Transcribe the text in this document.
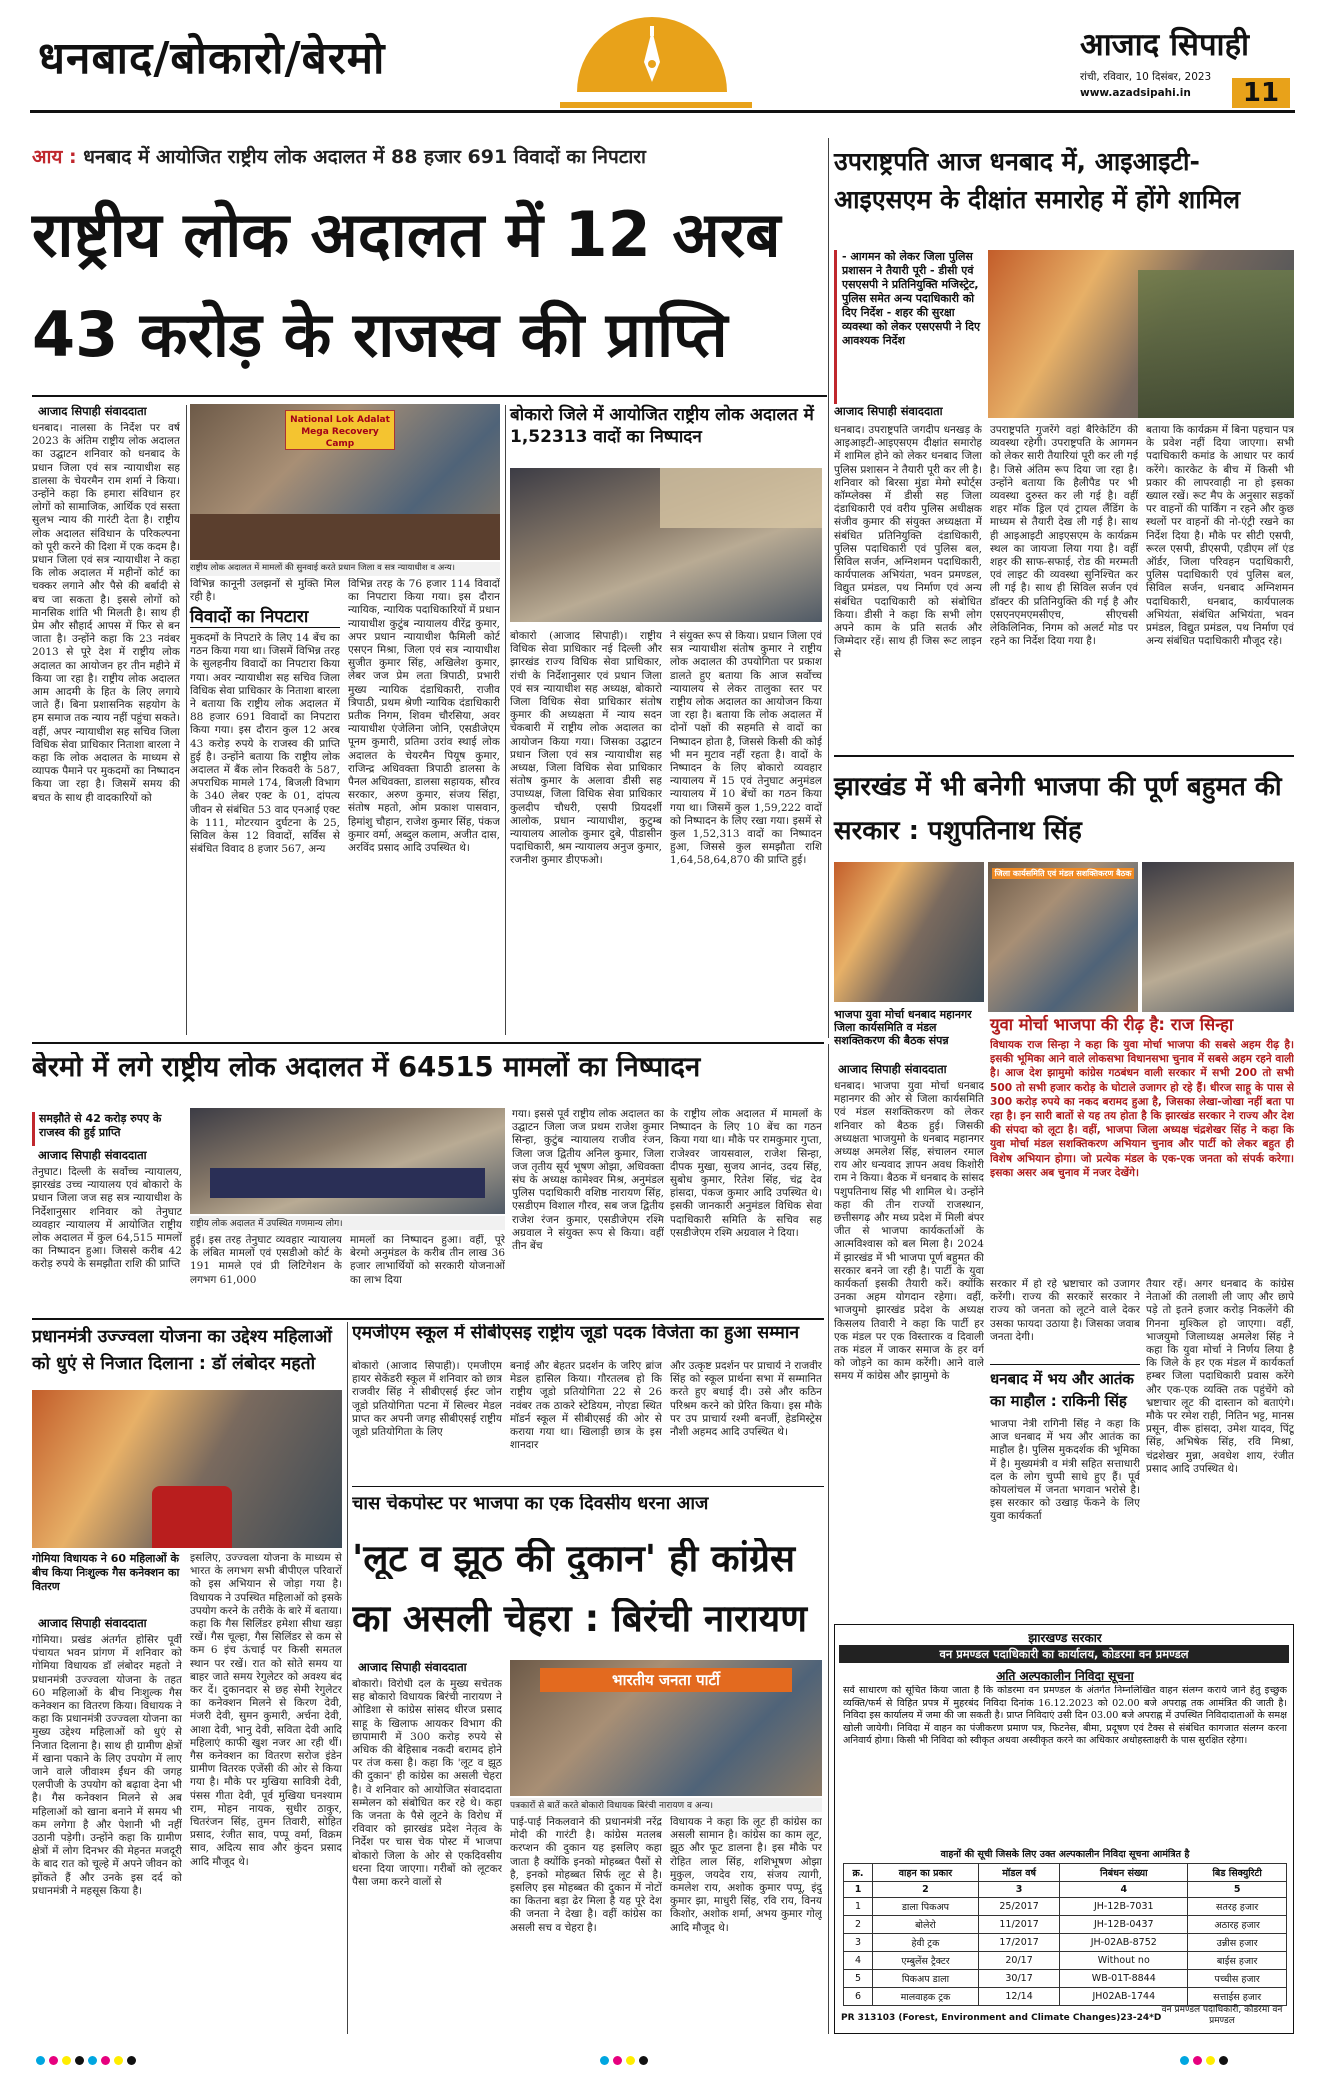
धनबाद/बोकारो/बेरमो	आजाद सिपाही
रांची, रविवार, 10 दिसंबर, 2023
www.azadsipahi.in	11
आय : धनबाद में आयोजित राष्ट्रीय लोक अदालत में 88 हजार 691 विवादों का निपटारा
राष्ट्रीय लोक अदालत में 12 अरब
43 करोड़ के राजस्व की प्राप्ति
आजाद सिपाही संवाददाता
धनबाद। नालसा के निर्देश पर वर्ष 2023 के अंतिम राष्ट्रीय लोक अदालत का उद्घाटन शनिवार को धनबाद के प्रधान जिला एवं सत्र न्यायाधीश सह डालसा के चेयरमैन राम शर्मा ने किया। उन्होंने कहा कि हमारा संविधान हर लोगों को सामाजिक, आर्थिक एवं सस्ता सुलभ न्याय की गारंटी देता है। राष्ट्रीय लोक अदालत संविधान के परिकल्पना को पूरी करने की दिशा में एक कदम है। प्रधान जिला एवं सत्र न्यायाधीश ने कहा कि लोक अदालत में महीनों कोर्ट का चक्कर लगाने और पैसे की बर्बादी से बच जा सकता है। इससे लोगों को मानसिक शांति भी मिलती है। साथ ही प्रेम और सौहार्द आपस में फिर से बन जाता है। उन्होंने कहा कि 23 नवंबर 2013 से पूरे देश में राष्ट्रीय लोक अदालत का आयोजन हर तीन महीने में किया जा रहा है। राष्ट्रीय लोक अदालत आम आदमी के हित के लिए लगाये जाते हैं। बिना प्रशासनिक सहयोग के हम समाज तक न्याय नहीं पहुंचा सकते। वहीं, अपर न्यायाधीश सह सचिव जिला विधिक सेवा प्राधिकार निताशा बारला ने कहा कि लोक अदालत के माध्यम से व्यापक पैमाने पर मुकदमों का निष्पादन किया जा रहा है। जिसमें समय की बचत के साथ ही वादकारियों को
National Lok Adalat
Mega Recovery Camp
राष्ट्रीय लोक अदालत में मामलों की सुनवाई करते प्रधान जिला व सत्र न्यायाधीश व अन्य।
विभिन्न कानूनी उलझनों से मुक्ति मिल रही है।
विवादों का निपटारा
मुकदमों के निपटारे के लिए 14 बेंच का गठन किया गया था। जिसमें विभिन्न तरह के सुलहनीय विवादों का निपटारा किया गया। अवर न्यायाधीश सह सचिव जिला विधिक सेवा प्राधिकार के निताशा बारला ने बताया कि राष्ट्रीय लोक अदालत में 88 हजार 691 विवादों का निपटारा किया गया। इस दौरान कुल 12 अरब 43 करोड़ रुपये के राजस्व की प्राप्ति हुई है। उन्होंने बताया कि राष्ट्रीय लोक अदालत में बैंक लोन रिकवरी के 587, अपराधिक मामले 174, बिजली विभाग के 340 लेबर एक्ट के 01, दांपत्य जीवन से संबंधित 53 वाद एनआई एक्ट के 111, मोटरयान दुर्घटना के 25, सिविल केस 12 विवादों, सर्विस से संबंधित विवाद 8 हजार 567, अन्य
विभिन्न तरह के 76 हजार 114 विवादों का निपटारा किया गया। इस दौरान न्यायिक, न्यायिक पदाधिकारियों में प्रधान न्यायाधीश कुटुंब न्यायालय वीरेंद्र कुमार, अपर प्रधान न्यायाधीश फैमिली कोर्ट एसएन मिश्रा, जिला एवं सत्र न्यायाधीश सुजीत कुमार सिंह, अखिलेश कुमार, लेबर जज प्रेम लता त्रिपाठी, प्रभारी मुख्य न्यायिक दंडाधिकारी, राजीव त्रिपाठी, प्रथम श्रेणी न्यायिक दंडाधिकारी प्रतीक निगम, शिवम चौरसिया, अवर न्यायाधीश एंजेलिना जोनि, एसडीजेएम पूनम कुमारी, प्रतिमा उरांव स्थाई लोक अदालत के चेयरमैन पियूष कुमार, राजिन्द्र अधिवक्ता त्रिपाठी डालसा के पैनल अधिवक्ता, डालसा सहायक, सौरव सरकार, अरुण कुमार, संजय सिंहा, संतोष महतो, ओम प्रकाश पासवान, हिमांशु चौहान, राजेश कुमार सिंह, पंकज कुमार वर्मा, अब्दुल कलाम, अजीत दास, अरविंद प्रसाद आदि उपस्थित थे।
बोकारो जिले में आयोजित राष्ट्रीय लोक अदालत में 1,52313 वादों का निष्पादन
बोकारो (आजाद सिपाही)। राष्ट्रीय विधिक सेवा प्राधिकार नई दिल्ली और झारखंड राज्य विधिक सेवा प्राधिकार, रांची के निर्देशानुसार एवं प्रधान जिला एवं सत्र न्यायाधीश सह अध्यक्ष, बोकारो जिला विधिक सेवा प्राधिकार संतोष कुमार की अध्यक्षता में न्याय सदन चेकबारी में राष्ट्रीय लोक अदालत का आयोजन किया गया। जिसका उद्घाटन प्रधान जिला एवं सत्र न्यायाधीश सह अध्यक्ष, जिला विधिक सेवा प्राधिकार संतोष कुमार के अलावा डीसी सह उपाध्यक्ष, जिला विधिक सेवा प्राधिकार कुलदीप चौधरी, एसपी प्रियदर्शी आलोक, प्रधान न्यायाधीश, कुटुम्ब न्यायालय आलोक कुमार दुबे, पीडासीन पदाधिकारी, श्रम न्यायालय अनुज कुमार, रजनीश कुमार डीएफओ।
ने संयुक्त रूप से किया। प्रधान जिला एवं सत्र न्यायाधीश संतोष कुमार ने राष्ट्रीय लोक अदालत की उपयोगिता पर प्रकाश डालते हुए बताया कि आज सर्वोच्च न्यायालय से लेकर तालुका स्तर पर राष्ट्रीय लोक अदालत का आयोजन किया जा रहा है। बताया कि लोक अदालत में दोनों पक्षों की सहमति से वादों का निष्पादन होता है, जिससे किसी की कोई भी मन मुटाव नहीं रहता है। वादों के निष्पादन के लिए बोकारो व्यवहार न्यायालय में 15 एवं तेनुघाट अनुमंडल न्यायालय में 10 बेंचों का गठन किया गया था। जिसमें कुल 1,59,222 वादों को निष्पादन के लिए रखा गया। इसमें से कुल 1,52,313 वादों का निष्पादन हुआ, जिससे कुल समझौता राशि 1,64,58,64,870 की प्राप्ति हुई।
उपराष्ट्रपति आज धनबाद में, आइआइटी-आइएसएम के दीक्षांत समारोह में होंगे शामिल
- आगमन को लेकर जिला पुलिस प्रशासन ने तैयारी पूरी - डीसी एवं एसएसपी ने प्रतिनियुक्ति मजिस्ट्रेट, पुलिस समेत अन्य पदाधिकारी को दिए निर्देश - शहर की सुरक्षा व्यवस्था को लेकर एसएसपी ने दिए आवश्यक निर्देश
आजाद सिपाही संवाददाता
धनबाद। उपराष्ट्रपति जगदीप धनखड़ के आइआइटी-आइएसएम दीक्षांत समारोह में शामिल होने को लेकर धनबाद जिला पुलिस प्रशासन ने तैयारी पूरी कर ली है। शनिवार को बिरसा मुंडा मेमो स्पोर्ट्स कॉम्प्लेक्स में डीसी सह जिला दंडाधिकारी एवं वरीय पुलिस अधीक्षक संजीव कुमार की संयुक्त अध्यक्षता में संबंधित प्रतिनियुक्ति दंडाधिकारी, पुलिस पदाधिकारी एवं पुलिस बल, सिविल सर्जन, अग्निशमन पदाधिकारी, कार्यपालक अभियंता, भवन प्रमण्डल, विद्युत प्रमंडल, पथ निर्माण एवं अन्य संबंधित पदाधिकारी को संबोधित किया। डीसी ने कहा कि सभी लोग अपने काम के प्रति सतर्क और जिम्मेदार रहें। साथ ही जिस रूट लाइन से
उपराष्ट्रपति गुजरेंगे वहां बैरिकेटिंग की व्यवस्था रहेगी। उपराष्ट्रपति के आगमन को लेकर सारी तैयारियां पूरी कर ली गई है। जिसे अंतिम रूप दिया जा रहा है। उन्होंने बताया कि हैलीपैड पर भी व्यवस्था दुरुस्त कर ली गई है। वहीं शहर मॉक ड्रिल एवं ट्रायल लैंडिंग के माध्यम से तैयारी देख ली गई है। साथ ही आइआइटी आइएसएम के कार्यक्रम स्थल का जायजा लिया गया है। वहीं शहर की साफ-सफाई, रोड की मरम्मती एवं लाइट की व्यवस्था सुनिश्चित कर ली गई है। साथ ही सिविल सर्जन एवं डॉक्टर की प्रतिनियुक्ति की गई है और एसएनएमएमसीएच, सीएचसी लेकिलिनिक, निगम को अलर्ट मोड पर रहने का निर्देश दिया गया है।
बताया कि कार्यक्रम में बिना पहचान पत्र के प्रवेश नहीं दिया जाएगा। सभी पदाधिकारी कमांड के आधार पर कार्य करेंगे। कारकेट के बीच में किसी भी प्रकार की लापरवाही ना हो इसका ख्याल रखें। रूट मैप के अनुसार सड़कों पर वाहनों की पार्किंग न रहने और कुछ स्थलों पर वाहनों की नो-एंट्री रखने का निर्देश दिया है। मौके पर सीटी एसपी, रूरल एसपी, डीएसपी, एडीएम लॉ एंड ऑर्डर, जिला परिवहन पदाधिकारी, पुलिस पदाधिकारी एवं पुलिस बल, सिविल सर्जन, धनबाद अग्निशमन पदाधिकारी, धनबाद, कार्यपालक अभियंता, संबंधित अभियंता, भवन प्रमंडल, विद्युत प्रमंडल, पथ निर्माण एवं अन्य संबंधित पदाधिकारी मौजूद रहे।
झारखंड में भी बनेगी भाजपा की पूर्ण बहुमत की सरकार : पशुपतिनाथ सिंह
जिला कार्यसमिति एवं मंडल सशक्तिकरण बैठक
भाजपा युवा मोर्चा धनबाद महानगर जिला कार्यसमिति व मंडल सशक्तिकरण की बैठक संपन्न
आजाद सिपाही संवाददाता
युवा मोर्चा भाजपा की रीढ़ है: राज सिन्हा
विधायक राज सिन्हा ने कहा कि युवा मोर्चा भाजपा की सबसे अहम रीढ़ है। इसकी भूमिका आने वाले लोकसभा विधानसभा चुनाव में सबसे अहम रहने वाली है। आज देश झामुमो कांग्रेस गठबंधन वाली सरकार में सभी 200 तो सभी 500 तो सभी हजार करोड़ के घोटाले उजागर हो रहे हैं। धीरज साहू के पास से 300 करोड़ रुपये का नकद बरामद हुआ है, जिसका लेखा-जोखा नहीं बता पा रहा है। इन सारी बातों से यह तय होता है कि झारखंड सरकार ने राज्य और देश की संपदा को लूटा है। वहीं, भाजपा जिला अध्यक्ष चंद्रशेखर सिंह ने कहा कि युवा मोर्चा मंडल सशक्तिकरण अभियान चुनाव और पार्टी को लेकर बहुत ही विशेष अभियान होगा। जो प्रत्येक मंडल के एक-एक जनता को संपर्क करेगा। इसका असर अब चुनाव में नजर देखेंगे।
धनबाद। भाजपा युवा मोर्चा धनबाद महानगर की ओर से जिला कार्यसमिति एवं मंडल सशक्तिकरण को लेकर शनिवार को बैठक हुई। जिसकी अध्यक्षता भाजयुमो के धनबाद महानगर अध्यक्ष अमलेश सिंह, संचालन रमाल राय ओर धन्यवाद ज्ञापन अवध किशोरी राम ने किया। बैठक में धनबाद के सांसद पशुपतिनाथ सिंह भी शामिल थे। उन्होंने कहा की तीन राज्यों राजस्थान, छत्तीसगढ़ और मध्य प्रदेश में मिली बंपर जीत से भाजपा कार्यकर्ताओं के आत्मविश्वास को बल मिला है। 2024 में झारखंड में भी भाजपा पूर्ण बहुमत की सरकार बनने जा रही है। पार्टी के युवा कार्यकर्ता इसकी तैयारी करें। क्योंकि उनका अहम योगदान रहेगा। वहीं, भाजयुमो झारखंड प्रदेश के अध्यक्ष किसलय तिवारी ने कहा कि पार्टी हर एक मंडल पर एक विस्तारक व दिवाली तक मंडल में जाकर समाज के हर वर्ग को जोड़ने का काम करेंगी। आने वाले समय में कांग्रेस और झामुमो के
सरकार में हो रहे भ्रष्टाचार को उजागर करेंगी। राज्य की सरकारें सरकार ने राज्य को जनता को लूटने वाले देकर उसका फायदा उठाया है। जिसका जवाब जनता देगी।
धनबाद में भय और आतंक का माहौल : राकिनी सिंह
भाजपा नेत्री रागिनी सिंह ने कहा कि आज धनबाद में भय और आतंक का माहौल है। पुलिस मुकदर्शक की भूमिका में है। मुख्यमंत्री व मंत्री सहित सत्ताधारी दल के लोग चुप्पी साधे हुए हैं। पूर्व कोयलांचल में जनता भगवान भरोसे है। इस सरकार को उखाड़ फेंकने के लिए युवा कार्यकर्ता
तैयार रहें। अगर धनबाद के कांग्रेस नेताओं की तलाशी ली जाए और छापे पड़े तो इतने हजार करोड़ निकलेंगे की गिनना मुश्किल हो जाएगा। वहीं, भाजयुमो जिलाध्यक्ष अमलेश सिंह ने कहा कि युवा मोर्चा ने निर्णय लिया है कि जिले के हर एक मंडल में कार्यकर्ता हम्बर जिला पदाधिकारी प्रवास करेंगे और एक-एक व्यक्ति तक पहुंचेंगे को भ्रष्टाचार लूट की दास्तान को बताएंगे। मौके पर रमेश राही, नितिन भट्ट, मानस प्रसून, वीरू हांसदा, उमेश यादव, पिंटू सिंह, अभिषेक सिंह, रवि मिश्रा, चंद्रशेखर मुन्ना, अवधेश शाय, रंजीत प्रसाद आदि उपस्थित थे।
बेरमो में लगे राष्ट्रीय लोक अदालत में 64515 मामलों का निष्पादन
समझौते से 42 करोड़ रुपए के राजस्व की हुई प्राप्ति
आजाद सिपाही संवाददाता
तेनुघाट। दिल्ली के सर्वोच्च न्यायालय, झारखंड उच्च न्यायालय एवं बोकारो के प्रधान जिला जज सह सत्र न्यायाधीश के निर्देशानुसार शनिवार को तेनुघाट व्यवहार न्यायालय में आयोजित राष्ट्रीय लोक अदालत में कुल 64,515 मामलों का निष्पादन हुआ। जिससे करीब 42 करोड़ रुपये के समझौता राशि की प्राप्ति
राष्ट्रीय लोक अदालत में उपस्थित गणमान्य लोग।
हुई। इस तरह तेनुघाट व्यवहार न्यायालय के लंबित मामलों एवं एसडीओ कोर्ट के 191 मामले एवं प्री लिटिगेशन के लगभग 61,000
मामलों का निष्पादन हुआ। वहीं, पूरे बेरमो अनुमंडल के करीब तीन लाख 36 हजार लाभार्थियों को सरकारी योजनाओं का लाभ दिया
गया। इससे पूर्व राष्ट्रीय लोक अदालत का उद्घाटन जिला जज प्रथम राजेश कुमार सिन्हा, कुटुंब न्यायालय राजीव रंजन, जिला जज द्वितीय अनिल कुमार, जिला जज तृतीय सूर्य भूषण ओझा, अधिवक्ता संघ के अध्यक्ष कामेश्वर मिश्र, अनुमंडल पुलिस पदाधिकारी वशिष्ठ नारायण सिंह, एसडीएम विशाल गौरव, सब जज द्वितीय राजेश रंजन कुमार, एसडीजेएम रश्मि अग्रवाल ने संयुक्त रूप से किया। वहीं तीन बेंच
के राष्ट्रीय लोक अदालत में मामलों के निष्पादन के लिए 10 बेंच का गठन किया गया था। मौके पर रामकुमार गुप्ता, राजेश्वर जायसवाल, राजेश सिन्हा, दीपक मुखा, सुजय आनंद, उदय सिंह, सुबोध कुमार, रितेश सिंह, चंद्र देव हांसदा, पंकज कुमार आदि उपस्थित थे। इसकी जानकारी अनुमंडल विधिक सेवा पदाधिकारी समिति के सचिव सह एसडीजेएम रश्मि अग्रवाल ने दिया।
प्रधानमंत्री उज्ज्वला योजना का उद्देश्य महिलाओं को धुएं से निजात दिलाना : डॉ लंबोदर महतो
गोमिया विधायक ने 60 महिलाओं के बीच किया निःशुल्क गैस कनेक्शन का वितरण
आजाद सिपाही संवाददाता
गोमिया। प्रखंड अंतर्गत होसिर पूर्वी पंचायत भवन प्रांगण में शनिवार को गोमिया विधायक डॉ लंबोदर महतो ने प्रधानमंत्री उज्ज्वला योजना के तहत 60 महिलाओं के बीच निःशुल्क गैस कनेक्शन का वितरण किया। विधायक ने कहा कि प्रधानमंत्री उज्ज्वला योजना का मुख्य उद्देश्य महिलाओं को धुएं से निजात दिलाना है। साथ ही ग्रामीण क्षेत्रों में खाना पकाने के लिए उपयोग में लाए जाने वाले जीवाश्म ईंधन की जगह एलपीजी के उपयोग को बढ़ावा देना भी है। गैस कनेक्शन मिलने से अब महिलाओं को खाना बनाने में समय भी कम लगेगा है और पेशानी भी नहीं उठानी पड़ेगी। उन्होंने कहा कि ग्रामीण क्षेत्रों में लोग दिनभर की मेहनत मजदूरी के बाद रात को चूल्हे में अपने जीवन को झोंकते हैं और उनके इस दर्द को प्रधानमंत्री ने महसूस किया है।
इसलिए, उज्ज्वला योजना के माध्यम से भारत के लगभग सभी बीपीएल परिवारों को इस अभियान से जोड़ा गया है। विधायक ने उपस्थित महिलाओं को इसके उपयोग करने के तरीके के बारे में बताया। कहा कि गैस सिलिंडर हमेशा सीधा खड़ा रखें। गैस चूल्हा, गैस सिलिंडर से कम से कम 6 इंच ऊंचाई पर किसी समतल स्थान पर रखें। रात को सोते समय या बाहर जाते समय रेगुलेटर को अवश्य बंद कर दें। दुकानदार से छह सेमी रेगुलेटर का कनेक्शन मिलने से किरण देवी, मंजरी देवी, सुमन कुमारी, अर्चना देवी, आशा देवी, भानु देवी, सविता देवी आदि महिलाएं काफी खुश नजर आ रही थीं। गैस कनेक्शन का वितरण सरोज इंडेन ग्रामीण वितरक एजेंसी की ओर से किया गया है। मौके पर मुखिया सावित्री देवी, पंसस गीता देवी, पूर्व मुखिया घनश्याम राम, मोहन नायक, सुधीर ठाकुर, चितरंजन सिंह, तुमन तिवारी, सोहित प्रसाद, रंजीत साव, पप्पू वर्मा, विक्रम साव, अदित्य साव और कुंदन प्रसाद आदि मौजूद थे।
एमजीएम स्कूल में सीबीएसइ राष्ट्रीय जूडो पदक विजेता का हुआ सम्मान
बोकारो (आजाद सिपाही)। एमजीएम हायर सेकेंडरी स्कूल में शनिवार को छात्र राजवीर सिंह ने सीबीएसई ईस्ट जोन जूडो प्रतियोगिता पटना में सिल्वर मेडल प्राप्त कर अपनी जगह सीबीएसई राष्ट्रीय जूडो प्रतियोगिता के लिए
बनाई और बेहतर प्रदर्शन के जरिए ब्रांज मेडल हासिल किया। गौरतलब हो कि राष्ट्रीय जूडो प्रतियोगिता 22 से 26 नवंबर तक ठाकरे स्टेडियम, नोएडा स्थित मॉडर्न स्कूल में सीबीएसई की ओर से कराया गया था। खिलाड़ी छात्र के इस शानदार
और उत्कृष्ट प्रदर्शन पर प्राचार्य ने राजवीर सिंह को स्कूल प्रार्थना सभा में सम्मानित करते हुए बधाई दी। उसे और कठिन परिश्रम करने को प्रेरित किया। इस मौके पर उप प्राचार्य रश्मी बनर्जी, हेडमिस्ट्रेस नौशी अहमद आदि उपस्थित थे।
चास चेकपोस्ट पर भाजपा का एक दिवसीय धरना आज
'लूट व झूठ की दुकान' ही कांग्रेस
का असली चेहरा : बिरंची नारायण
आजाद सिपाही संवाददाता
बोकारो। विरोधी दल के मुख्य सचेतक सह बोकारो विधायक बिरंची नारायण ने ओडिशा से कांग्रेस सांसद धीरज प्रसाद साहू के खिलाफ आयकर विभाग की छापामारी में 300 करोड़ रुपये से अधिक की बेहिसाब नकदी बरामद होने पर तंज कसा है। कहा कि 'लूट व झूठ की दुकान' ही कांग्रेस का असली चेहरा है। वे शनिवार को आयोजित संवाददाता सम्मेलन को संबोधित कर रहे थे। कहा कि जनता के पैसे लूटने के विरोध में रविवार को झारखंड प्रदेश नेतृत्व के निर्देश पर चास चेक पोस्ट में भाजपा बोकारो जिला के ओर से एकदिवसीय धरना दिया जाएगा। गरीबों को लूटकर पैसा जमा करने वालों से
भारतीय जनता पार्टी
पत्रकारों से बातें करते बोकारो विधायक बिरंची नारायण व अन्य।
पाई-पाई निकलवाने की प्रधानमंत्री नरेंद्र मोदी की गारंटी है। कांग्रेस मतलब करप्शन की दुकान यह इसलिए कहा जाता है क्योंकि इनको मोहब्बत पैसों से है, इनको मोहब्बत सिर्फ लूट से है। इसलिए इस मोहब्बत की दुकान में नोटों का कितना बड़ा ढेर मिला है यह पूरे देश की जनता ने देखा है। वहीं कांग्रेस का असली सच व चेहरा है।
विधायक ने कहा कि लूट ही कांग्रेस का असली सामान है। कांग्रेस का काम लूट, झूठ और फूट डालना है। इस मौके पर रोहित लाल सिंह, शशिभूषण ओझा मुकुल, जयदेव राय, संजय त्यागी, कमलेश राय, अशोक कुमार पप्पू, इंदु कुमार झा, माधुरी सिंह, रवि राय, विनय किशोर, अशोक शर्मा, अभय कुमार गोलू आदि मौजूद थे।
झारखण्ड सरकार
वन प्रमण्डल पदाधिकारी का कार्यालय, कोडरमा वन प्रमण्डल
अति अल्पकालीन निविदा सूचना
सर्व साधारण को सूचित किया जाता है कि कोडरमा वन प्रमण्डल के अंतर्गत निम्नलिखित वाहन संलग्न कराये जाने हेतु इच्छुक व्यक्ति/फर्म से विहित प्रपत्र में मुहरबंद निविदा दिनांक 16.12.2023 को 02.00 बजे अपराह्न तक आमंत्रित की जाती है। निविदा इस कार्यालय में जमा की जा सकती है। प्राप्त निविदाएं उसी दिन 03.00 बजे अपराह्न में उपस्थित निविदादाताओं के समक्ष खोली जायेगी। निविदा में वाहन का पंजीकरण प्रमाण पत्र, फिटनेस, बीमा, प्रदूषण एवं टैक्स से संबंधित कागजात संलग्न करना अनिवार्य होगा। किसी भी निविदा को स्वीकृत अथवा अस्वीकृत करने का अधिकार अधोहस्ताक्षरी के पास सुरक्षित रहेगा।
वाहनों की सूची जिसके लिए उक्त अल्पकालीन निविदा सूचना आमंत्रित है
क्र.	वाहन का प्रकार	मॉडल वर्ष	निबंधन संख्या	बिड सिक्युरिटी
1	2	3	4	5
1	डाला पिकअप	25/2017	JH-12B-7031	सतरह हजार
2	बोलेरो	11/2017	JH-12B-0437	अठारह हजार
3	हेवी ट्रक	17/2017	JH-02AB-8752	उन्नीस हजार
4	एम्बुलेंस ट्रैक्टर	20/17	Without no	बाईस हजार
5	पिकअप डाला	30/17	WB-01T-8844	पच्चीस हजार
6	मालवाहक ट्रक	12/14	JH02AB-1744	सत्ताईस हजार
PR 313103 (Forest, Environment and Climate Changes)23-24*D
वन प्रमण्डल पदाधिकारी, कोडरमा वन प्रमण्डल
